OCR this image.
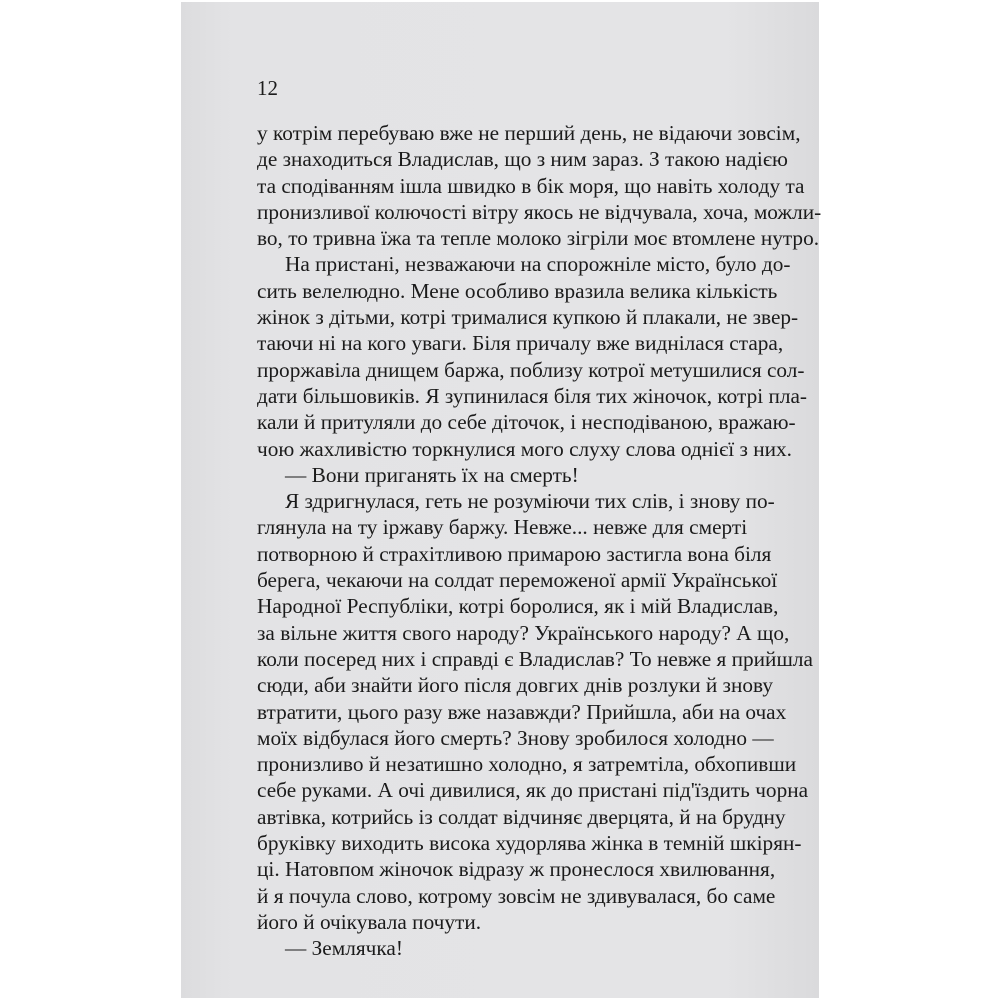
12
у котрім перебуваю вже не перший день, не відаючи зовсім,
де знаходиться Владислав, що з ним зараз. З такою надією
та сподіванням ішла швидко в бік моря, що навіть холоду та
пронизливої колючості вітру якось не відчувала, хоча, можли-
во, то тривна їжа та тепле молоко зігріли моє втомлене нутро.
На пристані, незважаючи на спорожніле місто, було до-
сить велелюдно. Мене особливо вразила велика кількість
жінок з дітьми, котрі трималися купкою й плакали, не звер-
таючи ні на кого уваги. Біля причалу вже виднілася стара,
проржавіла днищем баржа, поблизу котрої метушилися сол-
дати більшовиків. Я зупинилася біля тих жіночок, котрі пла-
кали й притуляли до себе діточок, і несподіваною, вражаю-
чою жахливістю торкнулися мого слуху слова однієї з них.
— Вони приганять їх на смерть!
Я здригнулася, геть не розуміючи тих слів, і знову по-
глянула на ту іржаву баржу. Невже... невже для смерті
потворною й страхітливою примарою застигла вона біля
берега, чекаючи на солдат переможеної армії Української
Народної Республіки, котрі боролися, як і мій Владислав,
за вільне життя свого народу? Українського народу? А що,
коли посеред них і справді є Владислав? То невже я прийшла
сюди, аби знайти його після довгих днів розлуки й знову
втратити, цього разу вже назавжди? Прийшла, аби на очах
моїх відбулася його смерть? Знову зробилося холодно —
пронизливо й незатишно холодно, я затремтіла, обхопивши
себе руками. А очі дивилися, як до пристані під'їздить чорна
автівка, котрийсь із солдат відчиняє дверцята, й на брудну
бруківку виходить висока худорлява жінка в темній шкірян-
ці. Натовпом жіночок відразу ж пронеслося хвилювання,
й я почула слово, котрому зовсім не здивувалася, бо саме
його й очікувала почути.
— Землячка!
